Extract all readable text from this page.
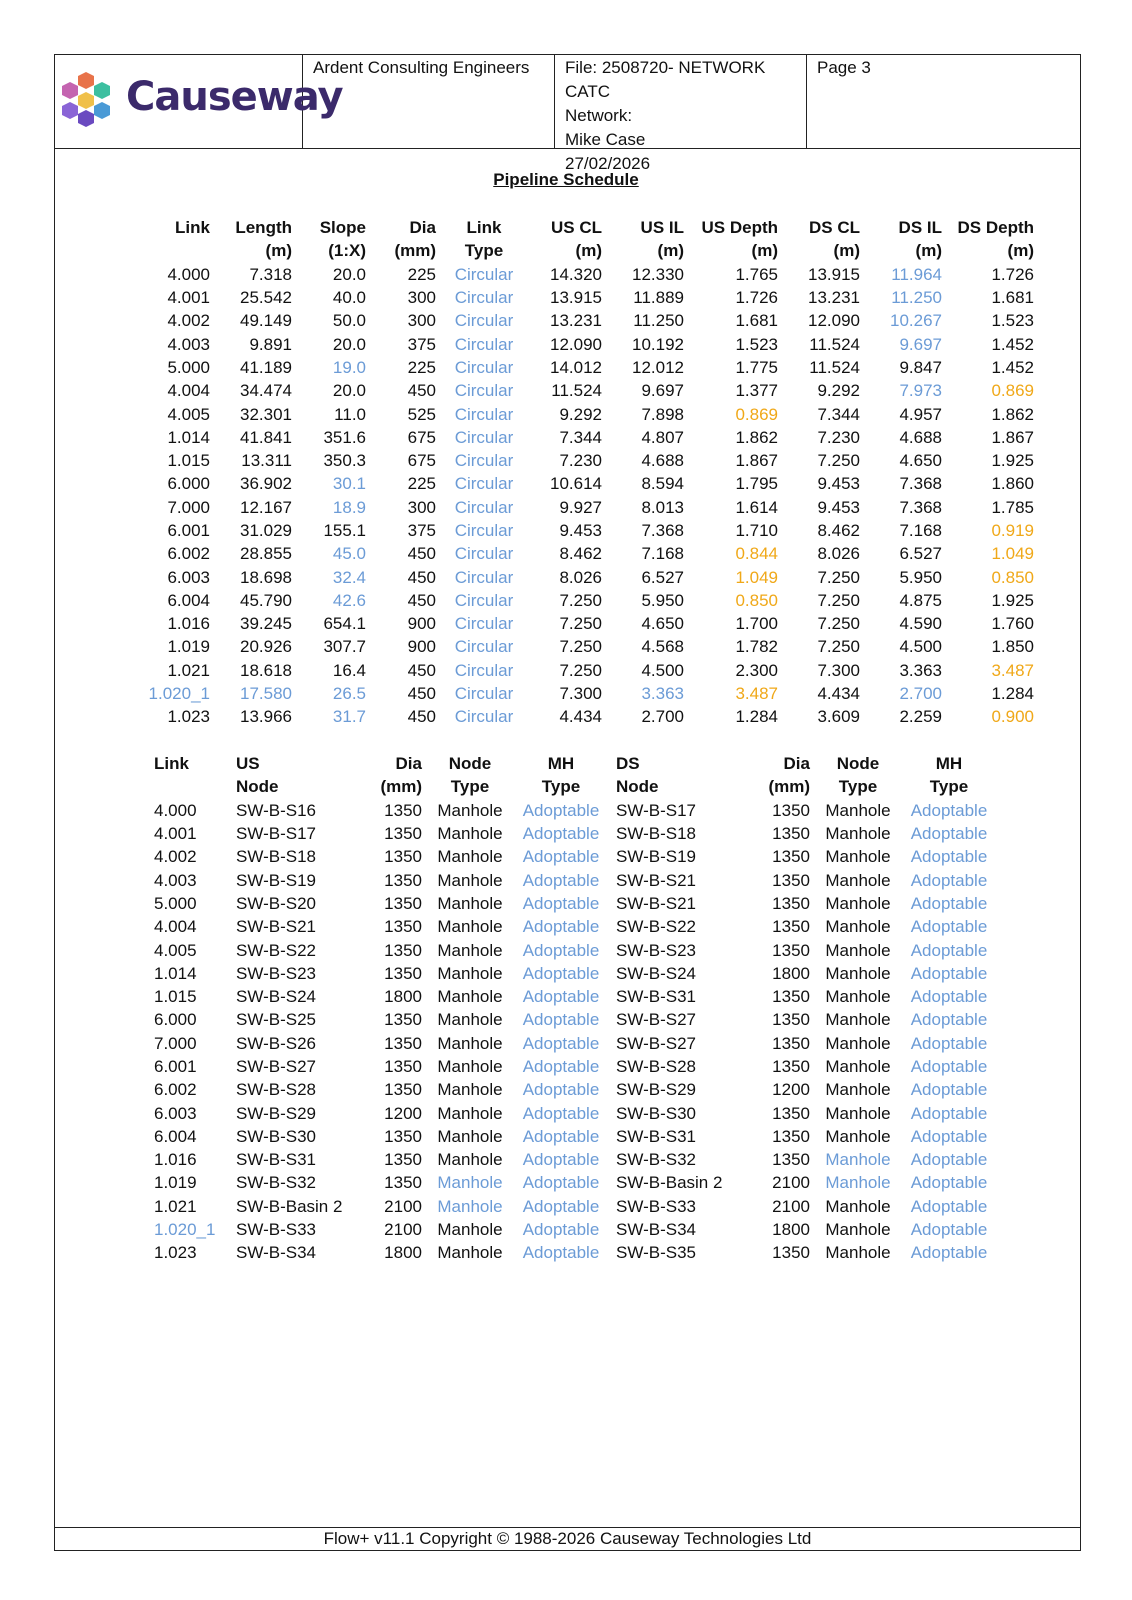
Ardent Consulting Engineers	File: 2508720- NETWORK CATC
Network:
Mike Case
27/02/2026
Page 3
Causeway
Pipeline Schedule
Link	Length	Slope	Dia	Link	US CL	US IL	US Depth	DS CL	DS IL	DS Depth
	(m)	(1:X)	(mm)	Type	(m)	(m)	(m)	(m)	(m)	(m)
4.000	7.318	20.0	225	Circular	14.320	12.330	1.765	13.915	11.964	1.726
4.001	25.542	40.0	300	Circular	13.915	11.889	1.726	13.231	11.250	1.681
4.002	49.149	50.0	300	Circular	13.231	11.250	1.681	12.090	10.267	1.523
4.003	9.891	20.0	375	Circular	12.090	10.192	1.523	11.524	9.697	1.452
5.000	41.189	19.0	225	Circular	14.012	12.012	1.775	11.524	9.847	1.452
4.004	34.474	20.0	450	Circular	11.524	9.697	1.377	9.292	7.973	0.869
4.005	32.301	11.0	525	Circular	9.292	7.898	0.869	7.344	4.957	1.862
1.014	41.841	351.6	675	Circular	7.344	4.807	1.862	7.230	4.688	1.867
1.015	13.311	350.3	675	Circular	7.230	4.688	1.867	7.250	4.650	1.925
6.000	36.902	30.1	225	Circular	10.614	8.594	1.795	9.453	7.368	1.860
7.000	12.167	18.9	300	Circular	9.927	8.013	1.614	9.453	7.368	1.785
6.001	31.029	155.1	375	Circular	9.453	7.368	1.710	8.462	7.168	0.919
6.002	28.855	45.0	450	Circular	8.462	7.168	0.844	8.026	6.527	1.049
6.003	18.698	32.4	450	Circular	8.026	6.527	1.049	7.250	5.950	0.850
6.004	45.790	42.6	450	Circular	7.250	5.950	0.850	7.250	4.875	1.925
1.016	39.245	654.1	900	Circular	7.250	4.650	1.700	7.250	4.590	1.760
1.019	20.926	307.7	900	Circular	7.250	4.568	1.782	7.250	4.500	1.850
1.021	18.618	16.4	450	Circular	7.250	4.500	2.300	7.300	3.363	3.487
1.020_1	17.580	26.5	450	Circular	7.300	3.363	3.487	4.434	2.700	1.284
1.023	13.966	31.7	450	Circular	4.434	2.700	1.284	3.609	2.259	0.900
Link	US	Dia	Node	MH	DS	Dia	Node	MH
	Node	(mm)	Type	Type	Node	(mm)	Type	Type
4.000	SW-B-S16	1350	Manhole	Adoptable	SW-B-S17	1350	Manhole	Adoptable
4.001	SW-B-S17	1350	Manhole	Adoptable	SW-B-S18	1350	Manhole	Adoptable
4.002	SW-B-S18	1350	Manhole	Adoptable	SW-B-S19	1350	Manhole	Adoptable
4.003	SW-B-S19	1350	Manhole	Adoptable	SW-B-S21	1350	Manhole	Adoptable
5.000	SW-B-S20	1350	Manhole	Adoptable	SW-B-S21	1350	Manhole	Adoptable
4.004	SW-B-S21	1350	Manhole	Adoptable	SW-B-S22	1350	Manhole	Adoptable
4.005	SW-B-S22	1350	Manhole	Adoptable	SW-B-S23	1350	Manhole	Adoptable
1.014	SW-B-S23	1350	Manhole	Adoptable	SW-B-S24	1800	Manhole	Adoptable
1.015	SW-B-S24	1800	Manhole	Adoptable	SW-B-S31	1350	Manhole	Adoptable
6.000	SW-B-S25	1350	Manhole	Adoptable	SW-B-S27	1350	Manhole	Adoptable
7.000	SW-B-S26	1350	Manhole	Adoptable	SW-B-S27	1350	Manhole	Adoptable
6.001	SW-B-S27	1350	Manhole	Adoptable	SW-B-S28	1350	Manhole	Adoptable
6.002	SW-B-S28	1350	Manhole	Adoptable	SW-B-S29	1200	Manhole	Adoptable
6.003	SW-B-S29	1200	Manhole	Adoptable	SW-B-S30	1350	Manhole	Adoptable
6.004	SW-B-S30	1350	Manhole	Adoptable	SW-B-S31	1350	Manhole	Adoptable
1.016	SW-B-S31	1350	Manhole	Adoptable	SW-B-S32	1350	Manhole	Adoptable
1.019	SW-B-S32	1350	Manhole	Adoptable	SW-B-Basin 2	2100	Manhole	Adoptable
1.021	SW-B-Basin 2	2100	Manhole	Adoptable	SW-B-S33	2100	Manhole	Adoptable
1.020_1	SW-B-S33	2100	Manhole	Adoptable	SW-B-S34	1800	Manhole	Adoptable
1.023	SW-B-S34	1800	Manhole	Adoptable	SW-B-S35	1350	Manhole	Adoptable
Flow+ v11.1 Copyright © 1988-2026 Causeway Technologies Ltd
